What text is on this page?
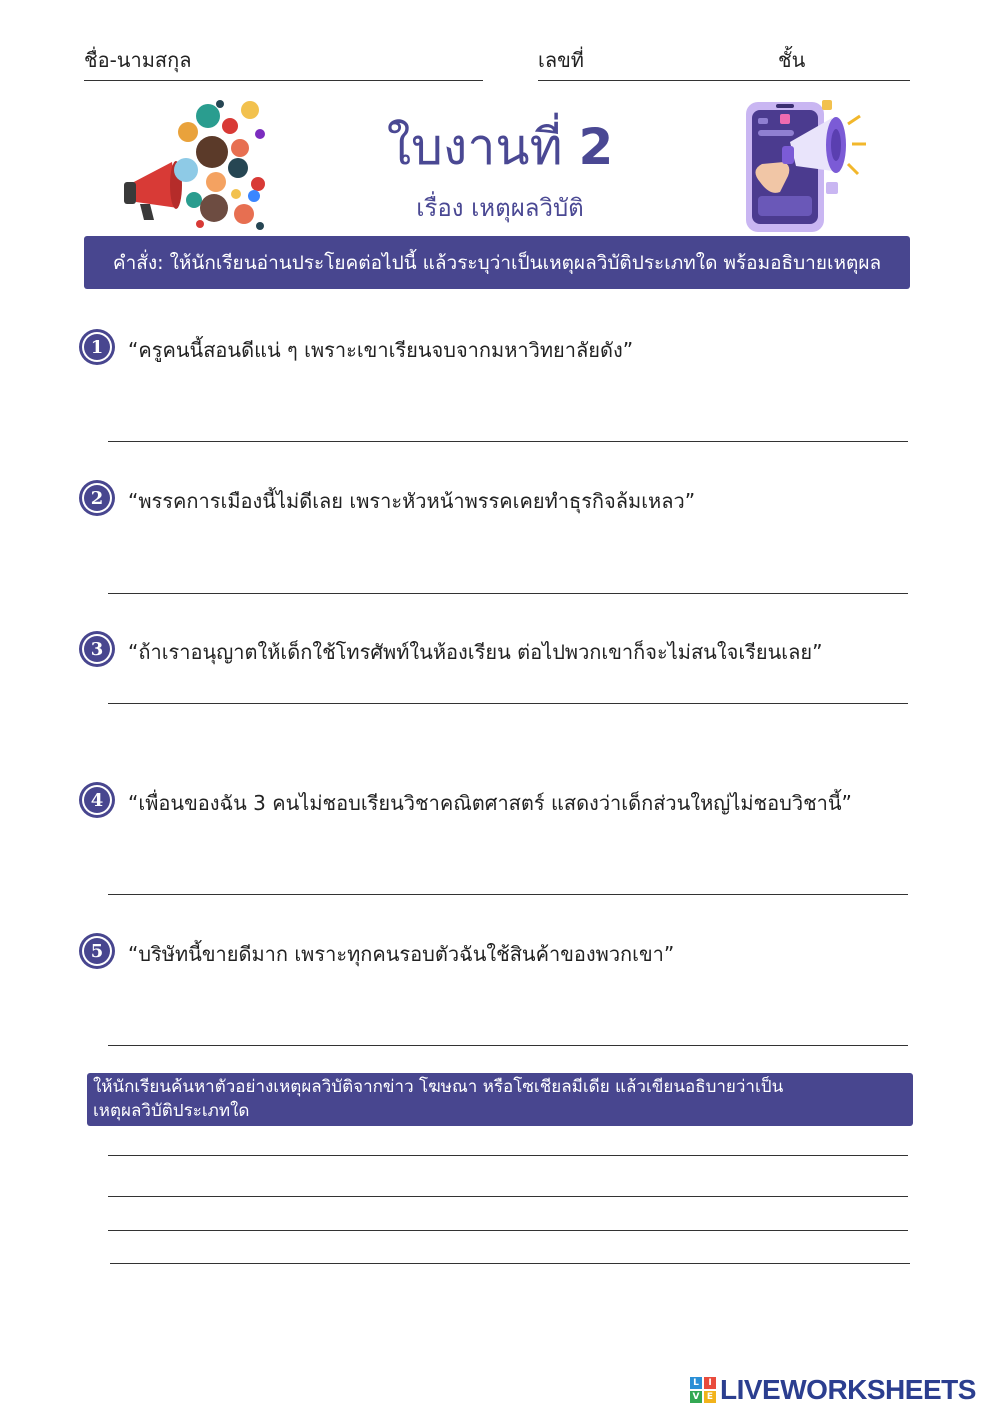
ชื่อ-นามสกุล	เลขที่	ชั้น
ใบงานที่ 2
เรื่อง เหตุผลวิบัติ
คำสั่ง: ให้นักเรียนอ่านประโยคต่อไปนี้ แล้วระบุว่าเป็นเหตุผลวิบัติประเภทใด พร้อมอธิบายเหตุผล
1	“ครูคนนี้สอนดีแน่ ๆ เพราะเขาเรียนจบจากมหาวิทยาลัยดัง”
2	“พรรคการเมืองนี้ไม่ดีเลย เพราะหัวหน้าพรรคเคยทำธุรกิจล้มเหลว”
3	“ถ้าเราอนุญาตให้เด็กใช้โทรศัพท์ในห้องเรียน ต่อไปพวกเขาก็จะไม่สนใจเรียนเลย”
4	“เพื่อนของฉัน 3 คนไม่ชอบเรียนวิชาคณิตศาสตร์ แสดงว่าเด็กส่วนใหญ่ไม่ชอบวิชานี้”
5	“บริษัทนี้ขายดีมาก เพราะทุกคนรอบตัวฉันใช้สินค้าของพวกเขา”
ให้นักเรียนค้นหาตัวอย่างเหตุผลวิบัติจากข่าว โฆษณา หรือโซเชียลมีเดีย แล้วเขียนอธิบายว่าเป็น
เหตุผลวิบัติประเภทใด
L	I
V E LIVEWORKSHEETS
